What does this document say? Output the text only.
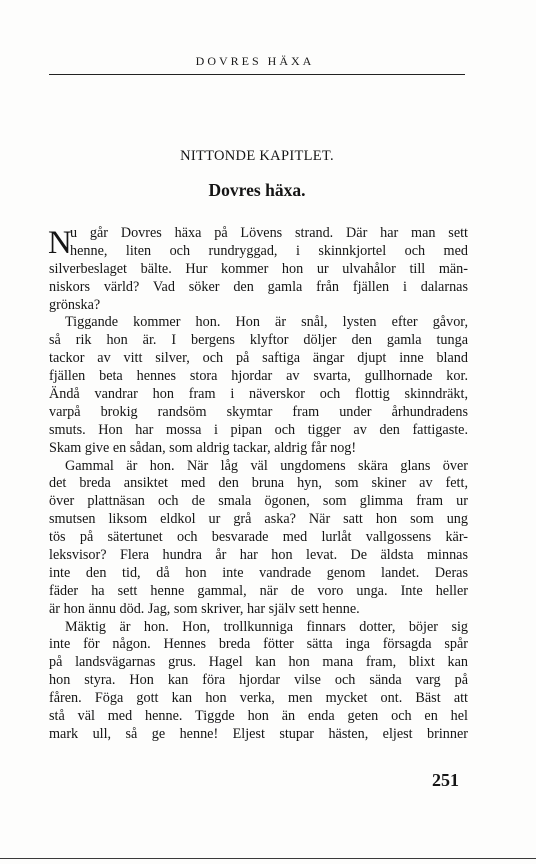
DOVRES HÄXA
NITTONDE KAPITLET.
Dovres häxa.
N
u går Dovres häxa på Lövens strand. Där har man sett
henne, liten och rundryggad, i skinnkjortel och med
silverbeslaget bälte. Hur kommer hon ur ulvahålor till män-
niskors värld? Vad söker den gamla från fjällen i dalarnas
grönska?
Tiggande kommer hon. Hon är snål, lysten efter gåvor,
så rik hon är. I bergens klyftor döljer den gamla tunga
tackor av vitt silver, och på saftiga ängar djupt inne bland
fjällen beta hennes stora hjordar av svarta, gullhornade kor.
Ändå vandrar hon fram i näverskor och flottig skinndräkt,
varpå brokig randsöm skymtar fram under århundradens
smuts. Hon har mossa i pipan och tigger av den fattigaste.
Skam give en sådan, som aldrig tackar, aldrig får nog!
Gammal är hon. När låg väl ungdomens skära glans över
det breda ansiktet med den bruna hyn, som skiner av fett,
över plattnäsan och de smala ögonen, som glimma fram ur
smutsen liksom eldkol ur grå aska? När satt hon som ung
tös på sätertunet och besvarade med lurlåt vallgossens kär-
leksvisor? Flera hundra år har hon levat. De äldsta minnas
inte den tid, då hon inte vandrade genom landet. Deras
fäder ha sett henne gammal, när de voro unga. Inte heller
är hon ännu död. Jag, som skriver, har själv sett henne.
Mäktig är hon. Hon, trollkunniga finnars dotter, böjer sig
inte för någon. Hennes breda fötter sätta inga försagda spår
på landsvägarnas grus. Hagel kan hon mana fram, blixt kan
hon styra. Hon kan föra hjordar vilse och sända varg på
fåren. Föga gott kan hon verka, men mycket ont. Bäst att
stå väl med henne. Tiggde hon än enda geten och en hel
mark ull, så ge henne! Eljest stupar hästen, eljest brinner
251
